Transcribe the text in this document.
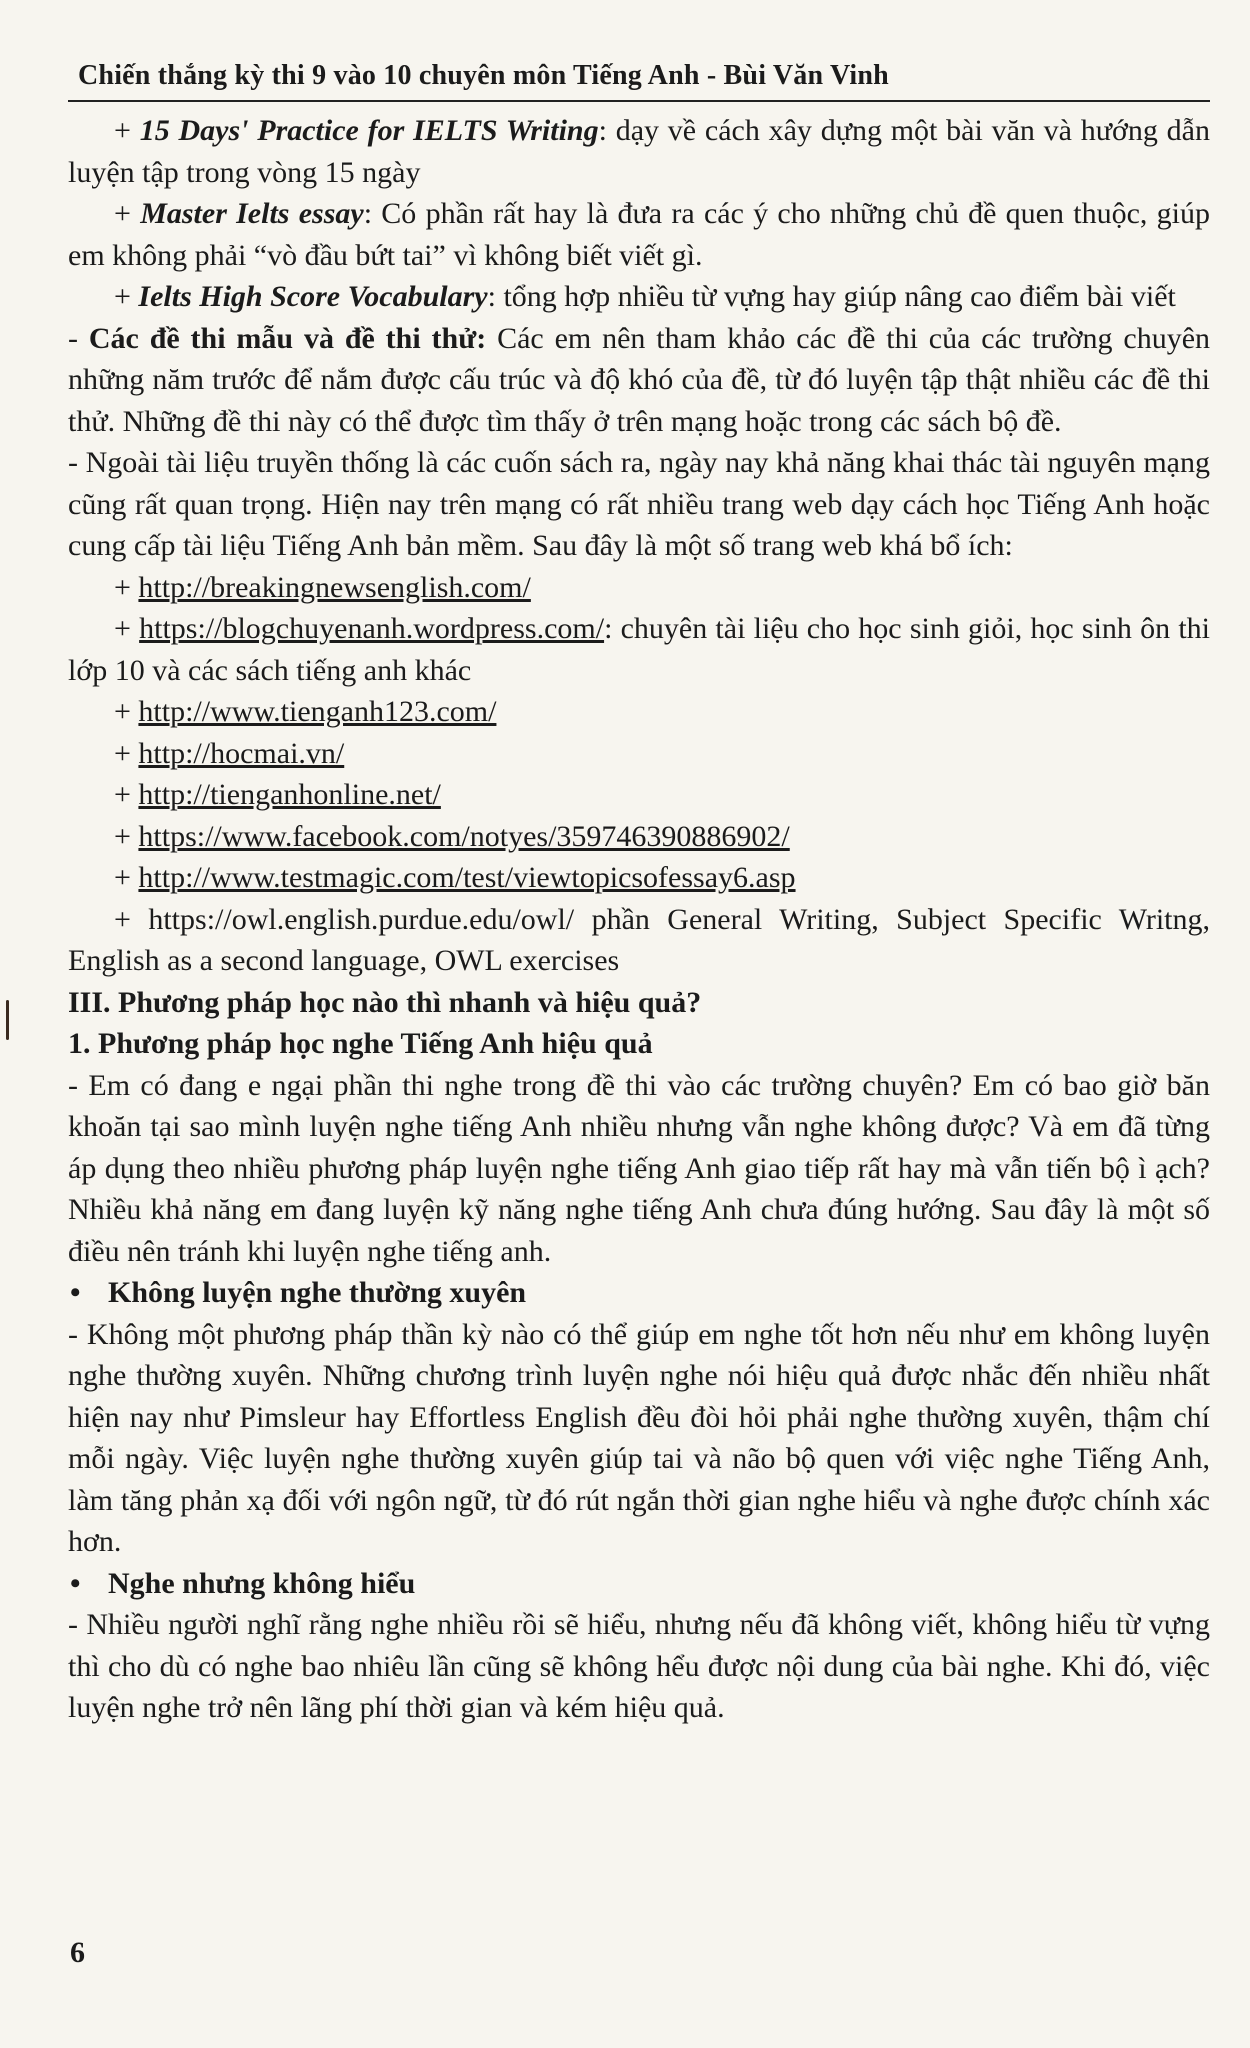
Chiến thắng kỳ thi 9 vào 10 chuyên môn Tiếng Anh - Bùi Văn Vinh

+ 15 Days' Practice for IELTS Writing: dạy về cách xây dựng một bài văn và hướng dẫn luyện tập trong vòng 15 ngày

+ Master Ielts essay: Có phần rất hay là đưa ra các ý cho những chủ đề quen thuộc, giúp em không phải “vò đầu bứt tai” vì không biết viết gì.

+ Ielts High Score Vocabulary: tổng hợp nhiều từ vựng hay giúp nâng cao điểm bài viết

- Các đề thi mẫu và đề thi thử: Các em nên tham khảo các đề thi của các trường chuyên những năm trước để nắm được cấu trúc và độ khó của đề, từ đó luyện tập thật nhiều các đề thi thử. Những đề thi này có thể được tìm thấy ở trên mạng hoặc trong các sách bộ đề.

- Ngoài tài liệu truyền thống là các cuốn sách ra, ngày nay khả năng khai thác tài nguyên mạng cũng rất quan trọng. Hiện nay trên mạng có rất nhiều trang web dạy cách học Tiếng Anh hoặc cung cấp tài liệu Tiếng Anh bản mềm. Sau đây là một số trang web khá bổ ích:

+ http://breakingnewsenglish.com/

+ https://blogchuyenanh.wordpress.com/: chuyên tài liệu cho học sinh giỏi, học sinh ôn thi lớp 10 và các sách tiếng anh khác

+ http://www.tienganh123.com/

+ http://hocmai.vn/

+ http://tienganhonline.net/

+ https://www.facebook.com/notyes/359746390886902/

+ http://www.testmagic.com/test/viewtopicsofessay6.asp

+ https://owl.english.purdue.edu/owl/ phần General Writing, Subject Specific Writng, English as a second language, OWL exercises

III. Phương pháp học nào thì nhanh và hiệu quả?

1. Phương pháp học nghe Tiếng Anh hiệu quả

- Em có đang e ngại phần thi nghe trong đề thi vào các trường chuyên? Em có bao giờ băn khoăn tại sao mình luyện nghe tiếng Anh nhiều nhưng vẫn nghe không được? Và em đã từng áp dụng theo nhiều phương pháp luyện nghe tiếng Anh giao tiếp rất hay mà vẫn tiến bộ ì ạch? Nhiều khả năng em đang luyện kỹ năng nghe tiếng Anh chưa đúng hướng. Sau đây là một số điều nên tránh khi luyện nghe tiếng anh.

• Không luyện nghe thường xuyên

- Không một phương pháp thần kỳ nào có thể giúp em nghe tốt hơn nếu như em không luyện nghe thường xuyên. Những chương trình luyện nghe nói hiệu quả được nhắc đến nhiều nhất hiện nay như Pimsleur hay Effortless English đều đòi hỏi phải nghe thường xuyên, thậm chí mỗi ngày. Việc luyện nghe thường xuyên giúp tai và não bộ quen với việc nghe Tiếng Anh, làm tăng phản xạ đối với ngôn ngữ, từ đó rút ngắn thời gian nghe hiểu và nghe được chính xác hơn.

• Nghe nhưng không hiểu

- Nhiều người nghĩ rằng nghe nhiều rồi sẽ hiểu, nhưng nếu đã không viết, không hiểu từ vựng thì cho dù có nghe bao nhiêu lần cũng sẽ không hểu được nội dung của bài nghe. Khi đó, việc luyện nghe trở nên lãng phí thời gian và kém hiệu quả.

6
